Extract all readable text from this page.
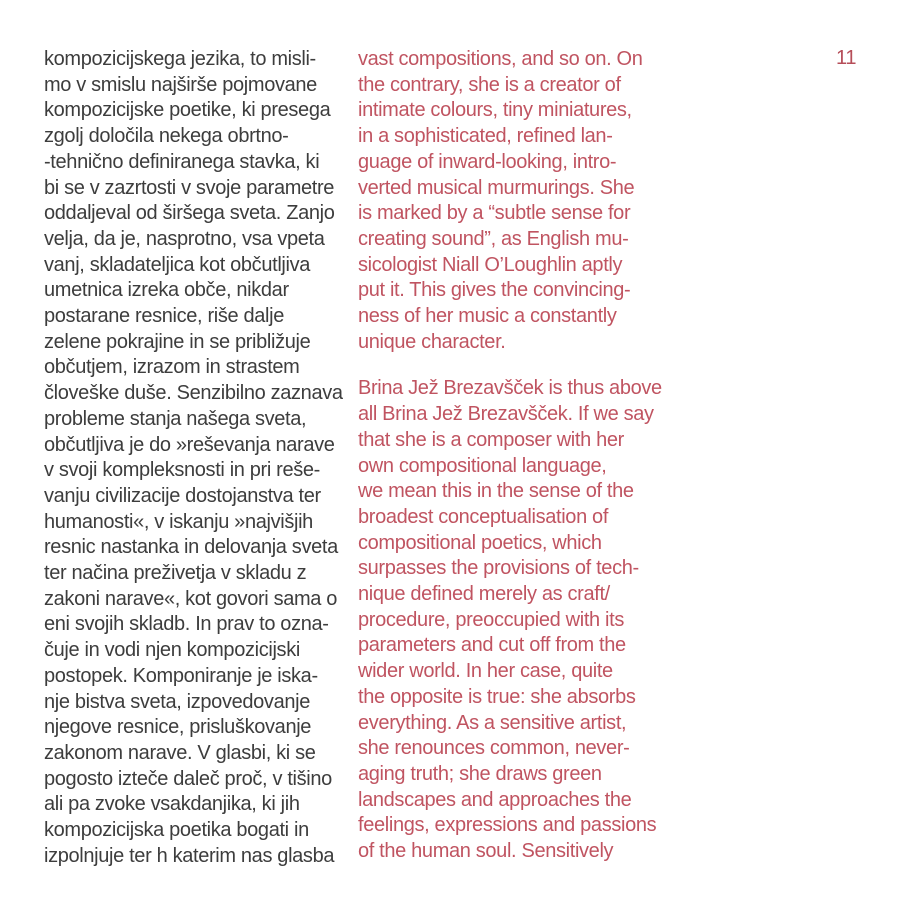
11
kompozicijskega jezika, to misli-
mo v smislu najširše pojmovane
kompozicijske poetike, ki presega
zgolj določila nekega obrtno-
-tehnično definiranega stavka, ki
bi se v zazrtosti v svoje parametre
oddaljeval od širšega sveta. Zanjo
velja, da je, nasprotno, vsa vpeta
vanj, skladateljica kot občutljiva
umetnica izreka obče, nikdar
postarane resnice, riše dalje
zelene pokrajine in se približuje
občutjem, izrazom in strastem
človeške duše. Senzibilno zaznava
probleme stanja našega sveta,
občutljiva je do »reševanja narave
v svoji kompleksnosti in pri reše-
vanju civilizacije dostojanstva ter
humanosti«, v iskanju »najvišjih
resnic nastanka in delovanja sveta
ter načina preživetja v skladu z
zakoni narave«, kot govori sama o
eni svojih skladb. In prav to ozna-
čuje in vodi njen kompozicijski
postopek. Komponiranje je iska-
nje bistva sveta, izpovedovanje
njegove resnice, prisluškovanje
zakonom narave. V glasbi, ki se
pogosto izteče daleč proč, v tišino
ali pa zvoke vsakdanjika, ki jih
kompozicijska poetika bogati in
izpolnjuje ter h katerim nas glasba
vast compositions, and so on. On
the contrary, she is a creator of
intimate colours, tiny miniatures,
in a sophisticated, refined lan-
guage of inward-looking, intro-
verted musical murmurings. She
is marked by a “subtle sense for
creating sound”, as English mu-
sicologist Niall O’Loughlin aptly
put it. This gives the convincing-
ness of her music a constantly
unique character.
Brina Jež Brezavšček is thus above
all Brina Jež Brezavšček. If we say
that she is a composer with her
own compositional language,
we mean this in the sense of the
broadest conceptualisation of
compositional poetics, which
surpasses the provisions of tech-
nique defined merely as craft/
procedure, preoccupied with its
parameters and cut off from the
wider world. In her case, quite
the opposite is true: she absorbs
everything. As a sensitive artist,
she renounces common, never-
aging truth; she draws green
landscapes and approaches the
feelings, expressions and passions
of the human soul. Sensitively
